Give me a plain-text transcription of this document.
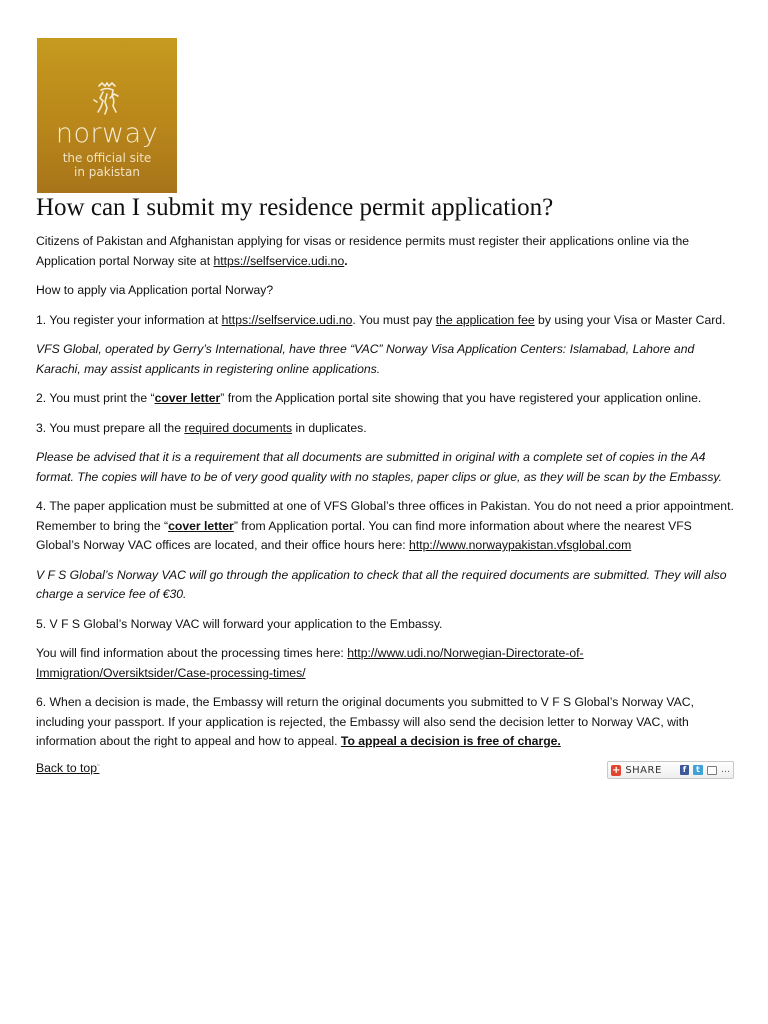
norway
the official site
in pakistan
How can I submit my residence permit application?

Citizens of Pakistan and Afghanistan applying for visas or residence permits must register their applications online via the Application portal Norway site at https://selfservice.udi.no.

How to apply via Application portal Norway?

1. You register your information at https://selfservice.udi.no. You must pay the application fee by using your Visa or Master Card.

VFS Global, operated by Gerry’s International, have three “VAC” Norway Visa Application Centers: Islamabad, Lahore and Karachi, may assist applicants in registering online applications.

2. You must print the “cover letter” from the Application portal site showing that you have registered your application online.

3. You must prepare all the required documents in duplicates.

Please be advised that it is a requirement that all documents are submitted in original with a complete set of copies in the A4 format. The copies will have to be of very good quality with no staples, paper clips or glue, as they will be scan by the Embassy.

4. The paper application must be submitted at one of VFS Global’s three offices in Pakistan. You do not need a prior appointment. Remember to bring the “cover letter” from Application portal. You can find more information about where the nearest VFS Global’s Norway VAC offices are located, and their office hours here: http://www.norwaypakistan.vfsglobal.com

V F S Global’s Norway VAC will go through the application to check that all the required documents are submitted. They will also charge a service fee of €30.

5. V F S Global’s Norway VAC will forward your application to the Embassy.

You will find information about the processing times here: http://www.udi.no/Norwegian-Directorate-of-Immigration/Oversiktsider/Case-processing-times/

6. When a decision is made, the Embassy will return the original documents you submitted to V F S Global’s Norway VAC, including your passport. If your application is rejected, the Embassy will also send the decision letter to Norway VAC, with information about the right to appeal and how to appeal. To appeal a decision is free of charge.

Back to top▫	+ SHARE	f	t	…
